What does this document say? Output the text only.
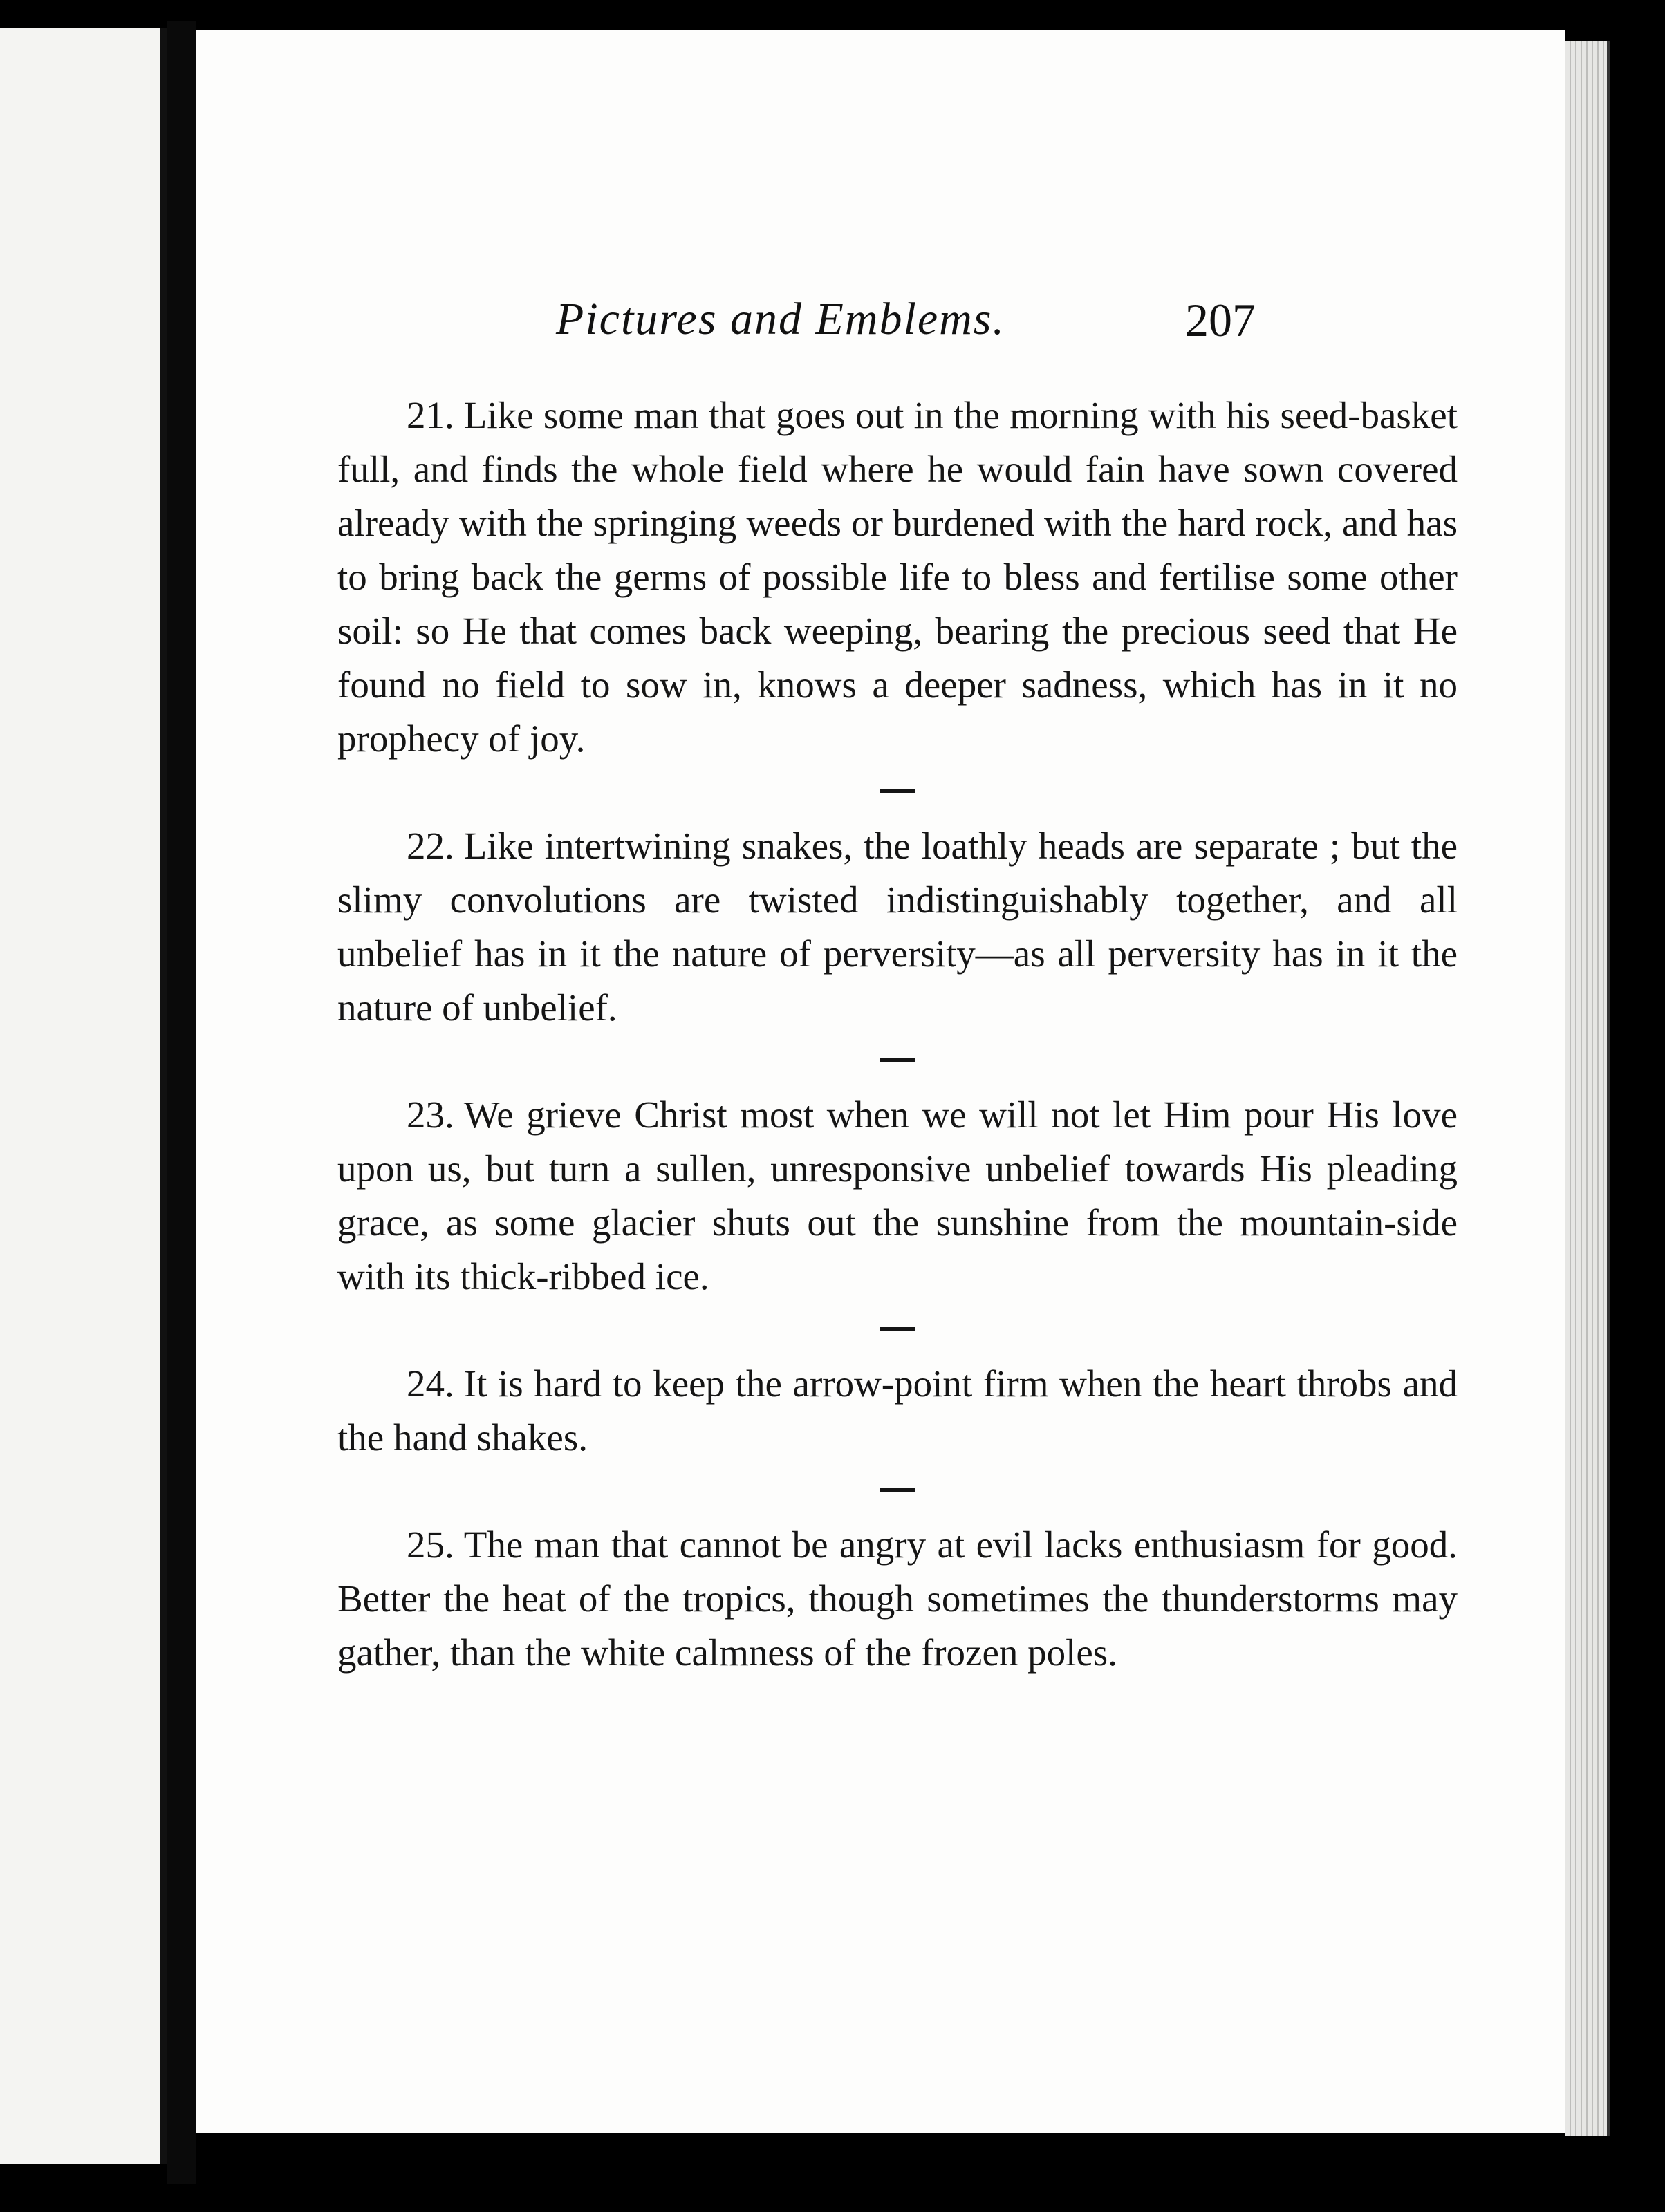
Pictures and Emblems.	207

21. Like some man that goes out in the morning with his seed-basket full, and finds the whole field where he would fain have sown covered already with the springing weeds or burdened with the hard rock, and has to bring back the germs of possible life to bless and fertilise some other soil: so He that comes back weeping, bearing the precious seed that He found no field to sow in, knows a deeper sadness, which has in it no prophecy of joy.

22. Like intertwining snakes, the loathly heads are separate ; but the slimy convolutions are twisted indistinguishably together, and all unbelief has in it the nature of perversity—as all perversity has in it the nature of unbelief.

23. We grieve Christ most when we will not let Him pour His love upon us, but turn a sullen, unresponsive unbelief towards His pleading grace, as some glacier shuts out the sunshine from the mountain-side with its thick-ribbed ice.

24. It is hard to keep the arrow-point firm when the heart throbs and the hand shakes.

25. The man that cannot be angry at evil lacks enthusiasm for good. Better the heat of the tropics, though sometimes the thunderstorms may gather, than the white calmness of the frozen poles.
